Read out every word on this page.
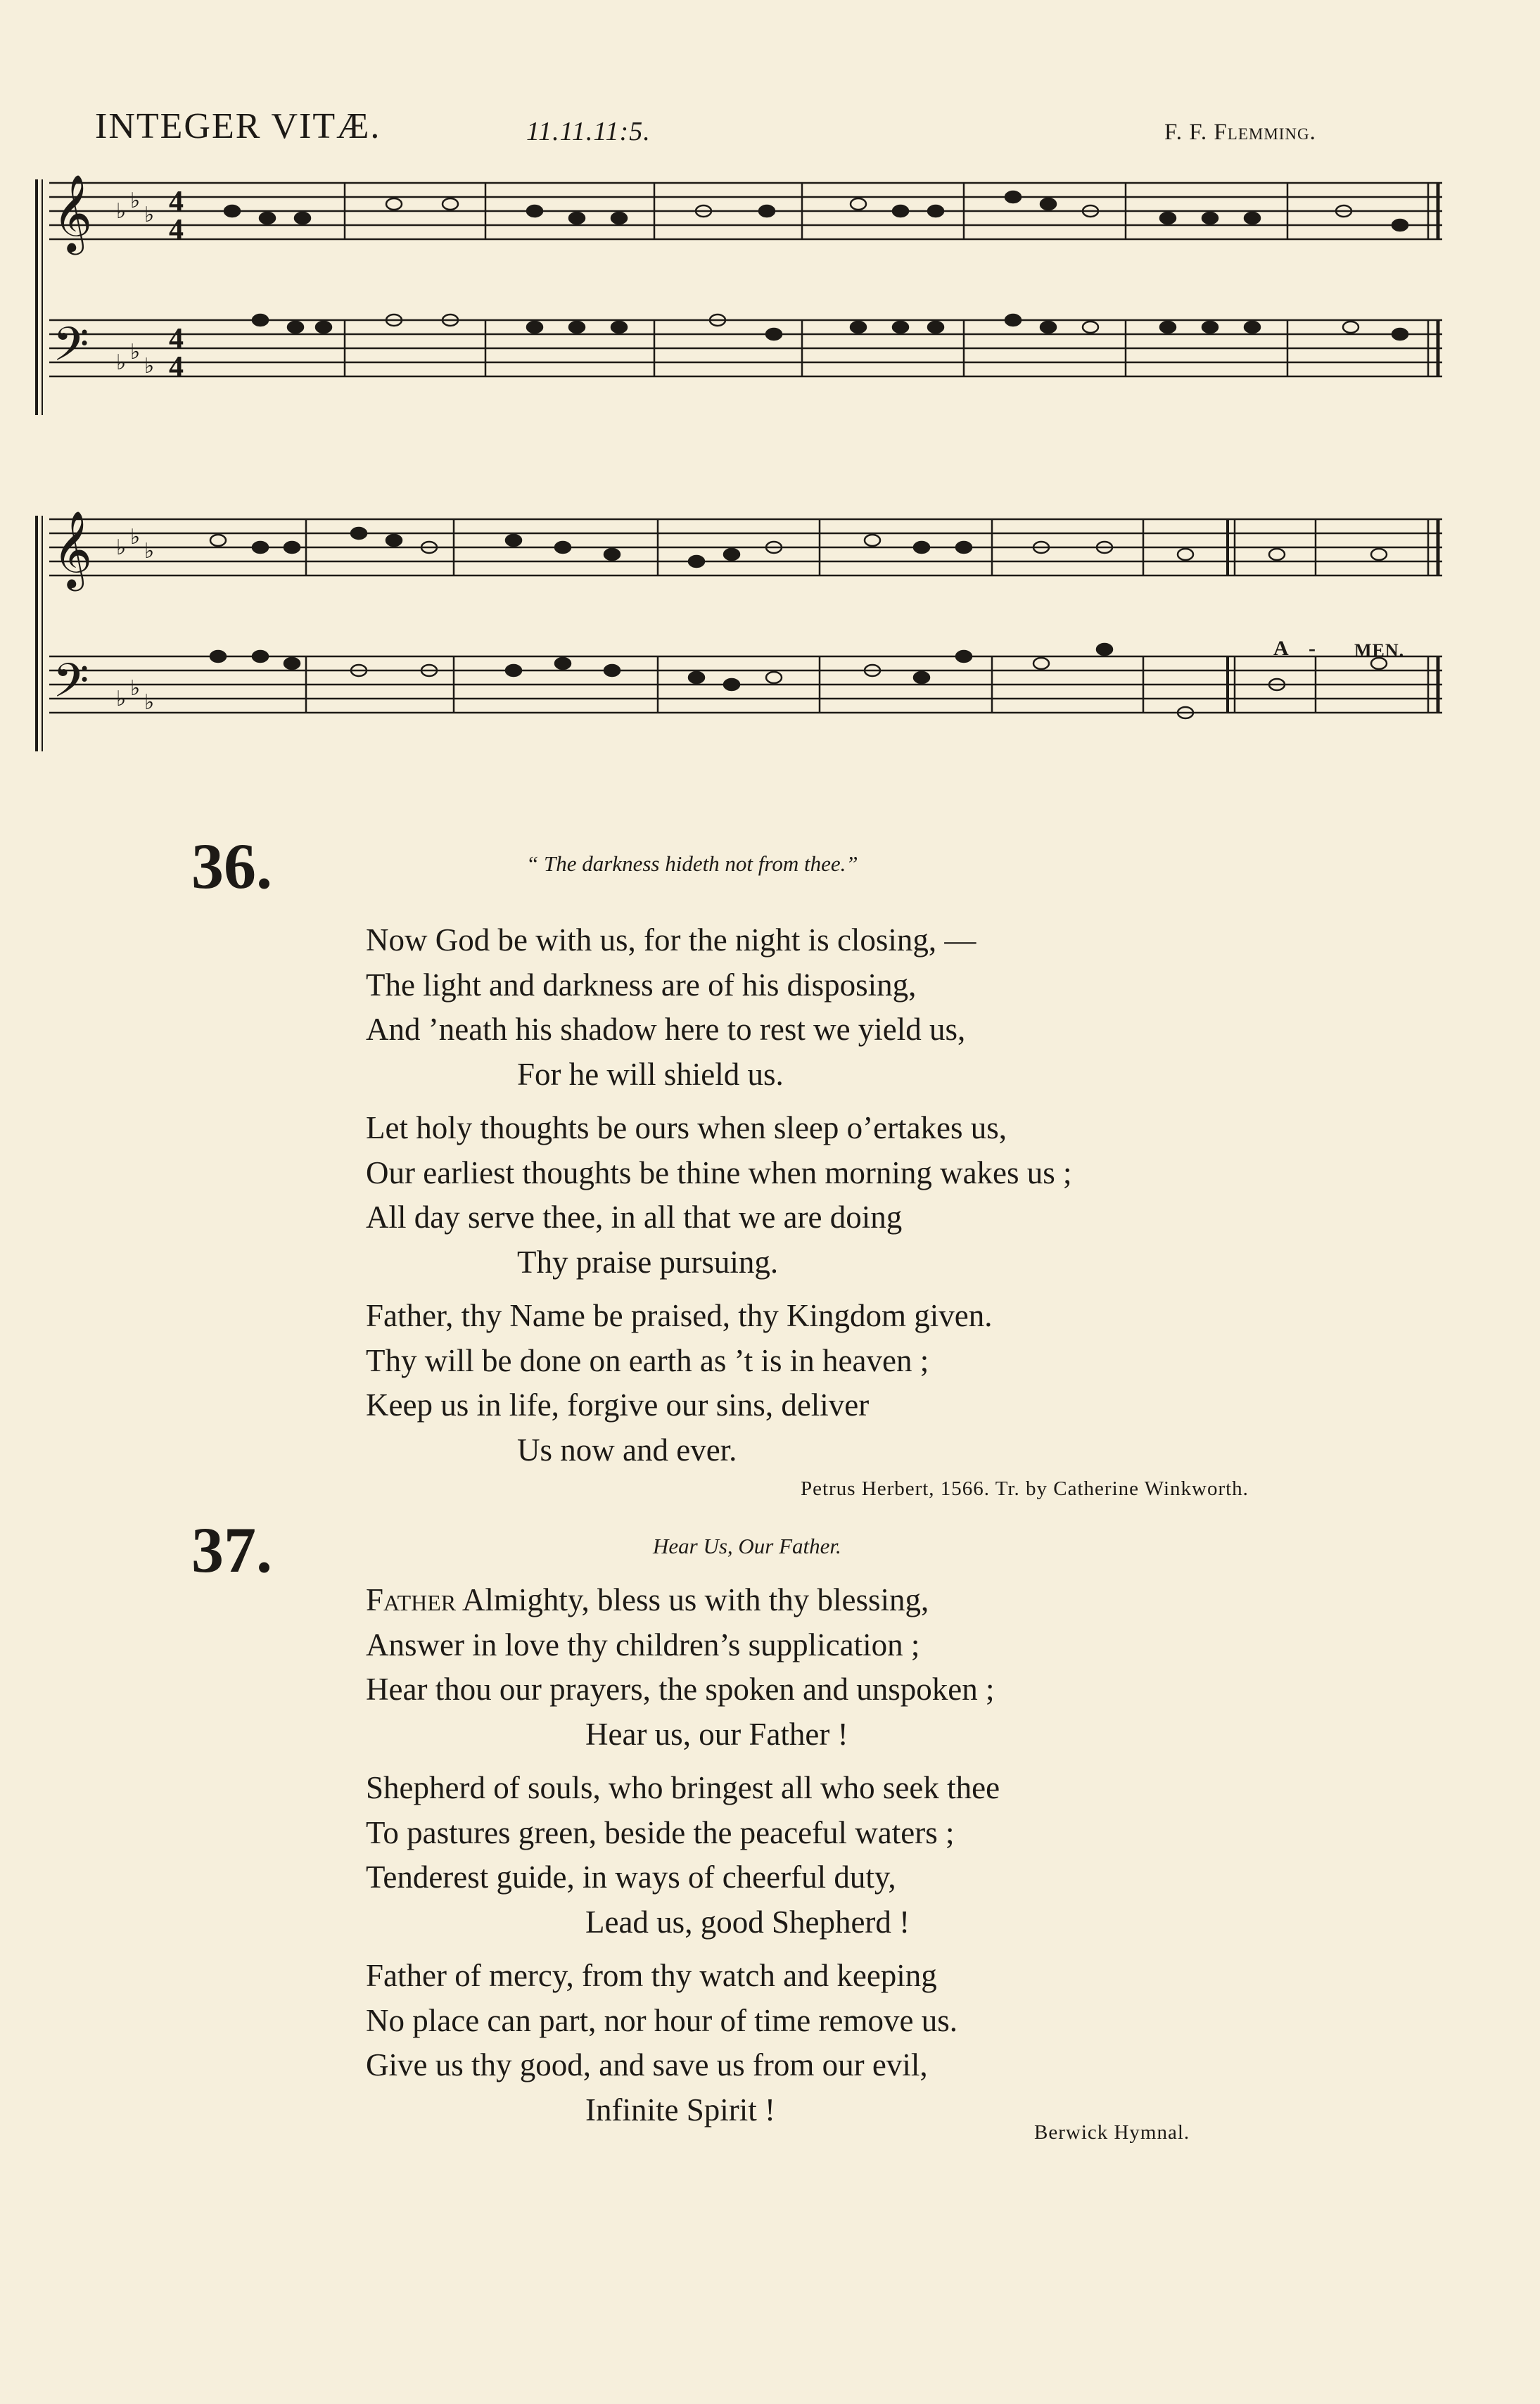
INTEGER VITÆ.	11.11.11:5.	F. F. Flemming.
𝄞
𝄢
♭ ♭
♭
♭ ♭
♭
4
4
4
4
𝄞
𝄢
♭ ♭
♭
♭ ♭
♭
A - MEN.
36.	“ The darkness hideth not from thee.”
Now God be with us, for the night is closing, —
The light and darkness are of his disposing,
And ’neath his shadow here to rest we yield us,
For he will shield us.
Let holy thoughts be ours when sleep o’ertakes us,
Our earliest thoughts be thine when morning wakes us ;
All day serve thee, in all that we are doing
Thy praise pursuing.
Father, thy Name be praised, thy Kingdom given.
Thy will be done on earth as ’t is in heaven ;
Keep us in life, forgive our sins, deliver
Us now and ever.
Petrus Herbert, 1566. Tr. by Catherine Winkworth.
37.	Hear Us, Our Father.
Father Almighty, bless us with thy blessing,
Answer in love thy children’s supplication ;
Hear thou our prayers, the spoken and unspoken ;
Hear us, our Father !
Shepherd of souls, who bringest all who seek thee
To pastures green, beside the peaceful waters ;
Tenderest guide, in ways of cheerful duty,
Lead us, good Shepherd !
Father of mercy, from thy watch and keeping
No place can part, nor hour of time remove us.
Give us thy good, and save us from our evil,
Infinite Spirit !
Berwick Hymnal.
